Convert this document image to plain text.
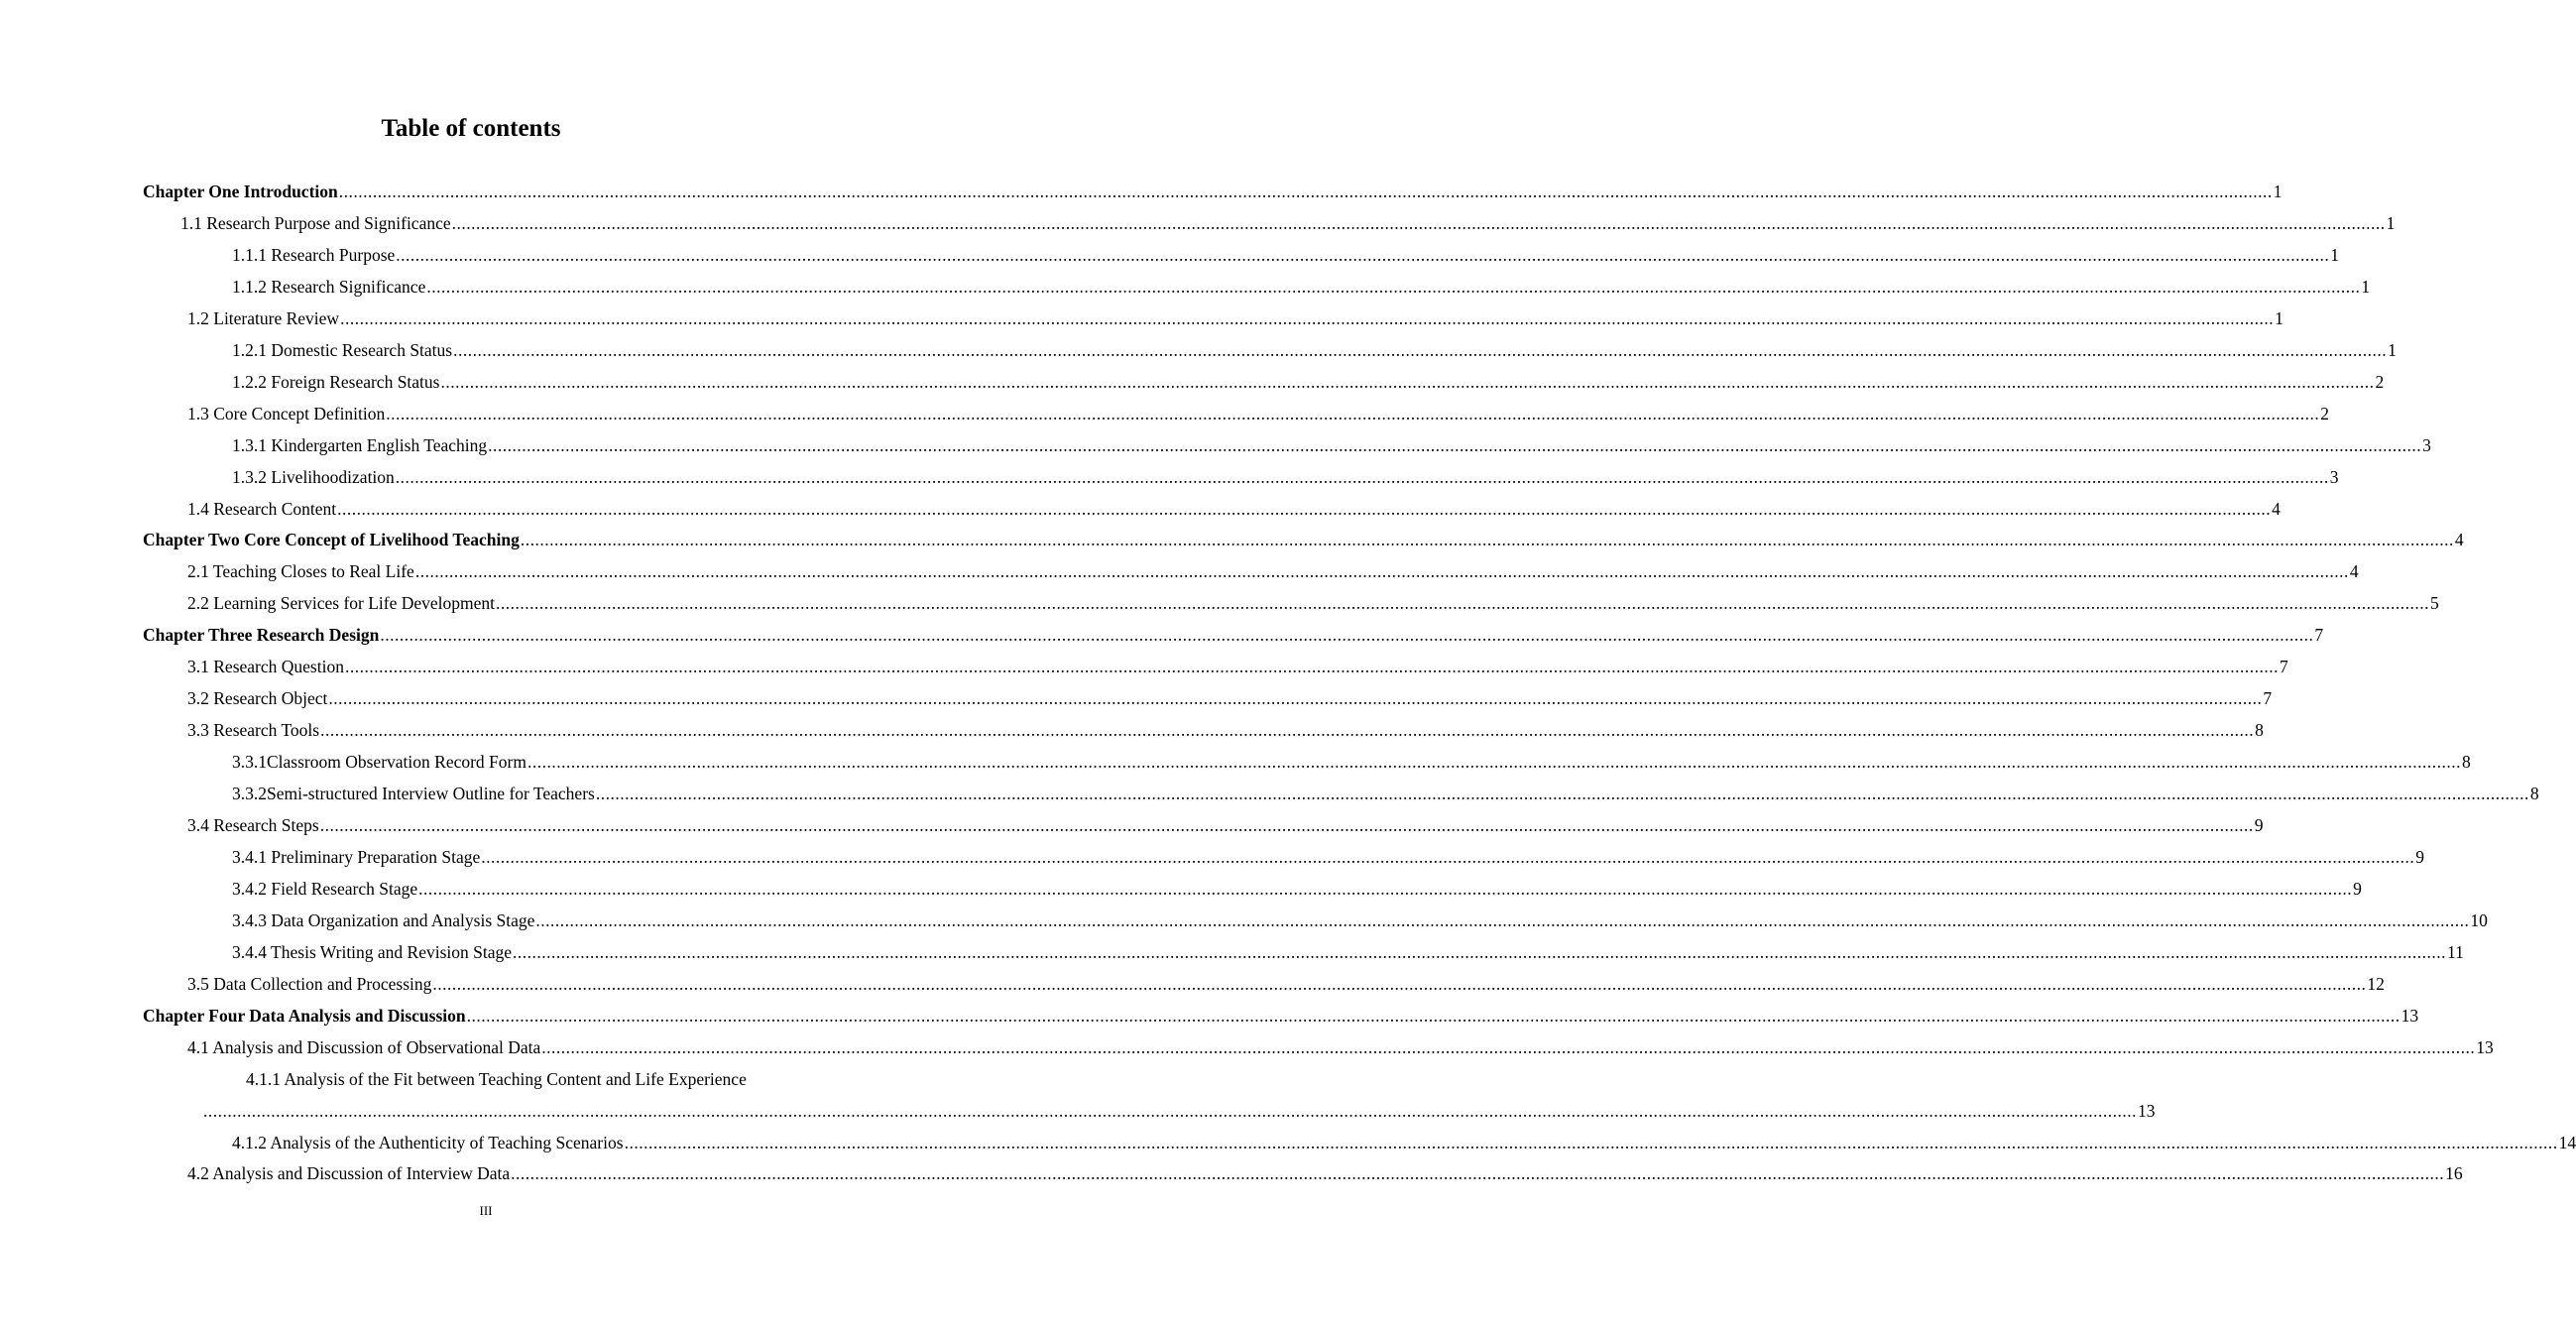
Table of contents
Chapter One Introduction ................................................................................................................................................................................................................................................................................................................................................................................................................ 1
1.1 Research Purpose and Significance ................................................................................................................................................................................................................................................................................................................................................................................................................ 1
1.1.1 Research Purpose ................................................................................................................................................................................................................................................................................................................................................................................................................ 1
1.1.2 Research Significance ................................................................................................................................................................................................................................................................................................................................................................................................................ 1
1.2 Literature Review ................................................................................................................................................................................................................................................................................................................................................................................................................ 1
1.2.1 Domestic Research Status ................................................................................................................................................................................................................................................................................................................................................................................................................ 1
1.2.2 Foreign Research Status ................................................................................................................................................................................................................................................................................................................................................................................................................ 2
1.3 Core Concept Definition ................................................................................................................................................................................................................................................................................................................................................................................................................ 2
1.3.1 Kindergarten English Teaching ................................................................................................................................................................................................................................................................................................................................................................................................................ 3
1.3.2 Livelihoodization ................................................................................................................................................................................................................................................................................................................................................................................................................ 3
1.4 Research Content ................................................................................................................................................................................................................................................................................................................................................................................................................ 4
Chapter Two Core Concept of Livelihood Teaching ................................................................................................................................................................................................................................................................................................................................................................................................................ 4
2.1 Teaching Closes to Real Life ................................................................................................................................................................................................................................................................................................................................................................................................................ 4
2.2 Learning Services for Life Development ................................................................................................................................................................................................................................................................................................................................................................................................................ 5
Chapter Three Research Design ................................................................................................................................................................................................................................................................................................................................................................................................................ 7
3.1 Research Question ................................................................................................................................................................................................................................................................................................................................................................................................................ 7
3.2 Research Object ................................................................................................................................................................................................................................................................................................................................................................................................................ 7
3.3 Research Tools ................................................................................................................................................................................................................................................................................................................................................................................................................ 8
3.3.1Classroom Observation Record Form ................................................................................................................................................................................................................................................................................................................................................................................................................ 8
3.3.2Semi-structured Interview Outline for Teachers ................................................................................................................................................................................................................................................................................................................................................................................................................ 8
3.4 Research Steps ................................................................................................................................................................................................................................................................................................................................................................................................................ 9
3.4.1 Preliminary Preparation Stage ................................................................................................................................................................................................................................................................................................................................................................................................................ 9
3.4.2 Field Research Stage ................................................................................................................................................................................................................................................................................................................................................................................................................ 9
3.4.3 Data Organization and Analysis Stage ................................................................................................................................................................................................................................................................................................................................................................................................................ 10
3.4.4 Thesis Writing and Revision Stage ................................................................................................................................................................................................................................................................................................................................................................................................................ 11
3.5 Data Collection and Processing ................................................................................................................................................................................................................................................................................................................................................................................................................ 12
Chapter Four Data Analysis and Discussion ................................................................................................................................................................................................................................................................................................................................................................................................................ 13
4.1 Analysis and Discussion of Observational Data ................................................................................................................................................................................................................................................................................................................................................................................................................ 13
4.1.1 Analysis of the Fit between Teaching Content and Life Experience
................................................................................................................................................................................................................................................................................................................................................................................................................ 13
4.1.2 Analysis of the Authenticity of Teaching Scenarios ................................................................................................................................................................................................................................................................................................................................................................................................................ 14
4.2 Analysis and Discussion of Interview Data ................................................................................................................................................................................................................................................................................................................................................................................................................ 16
III
